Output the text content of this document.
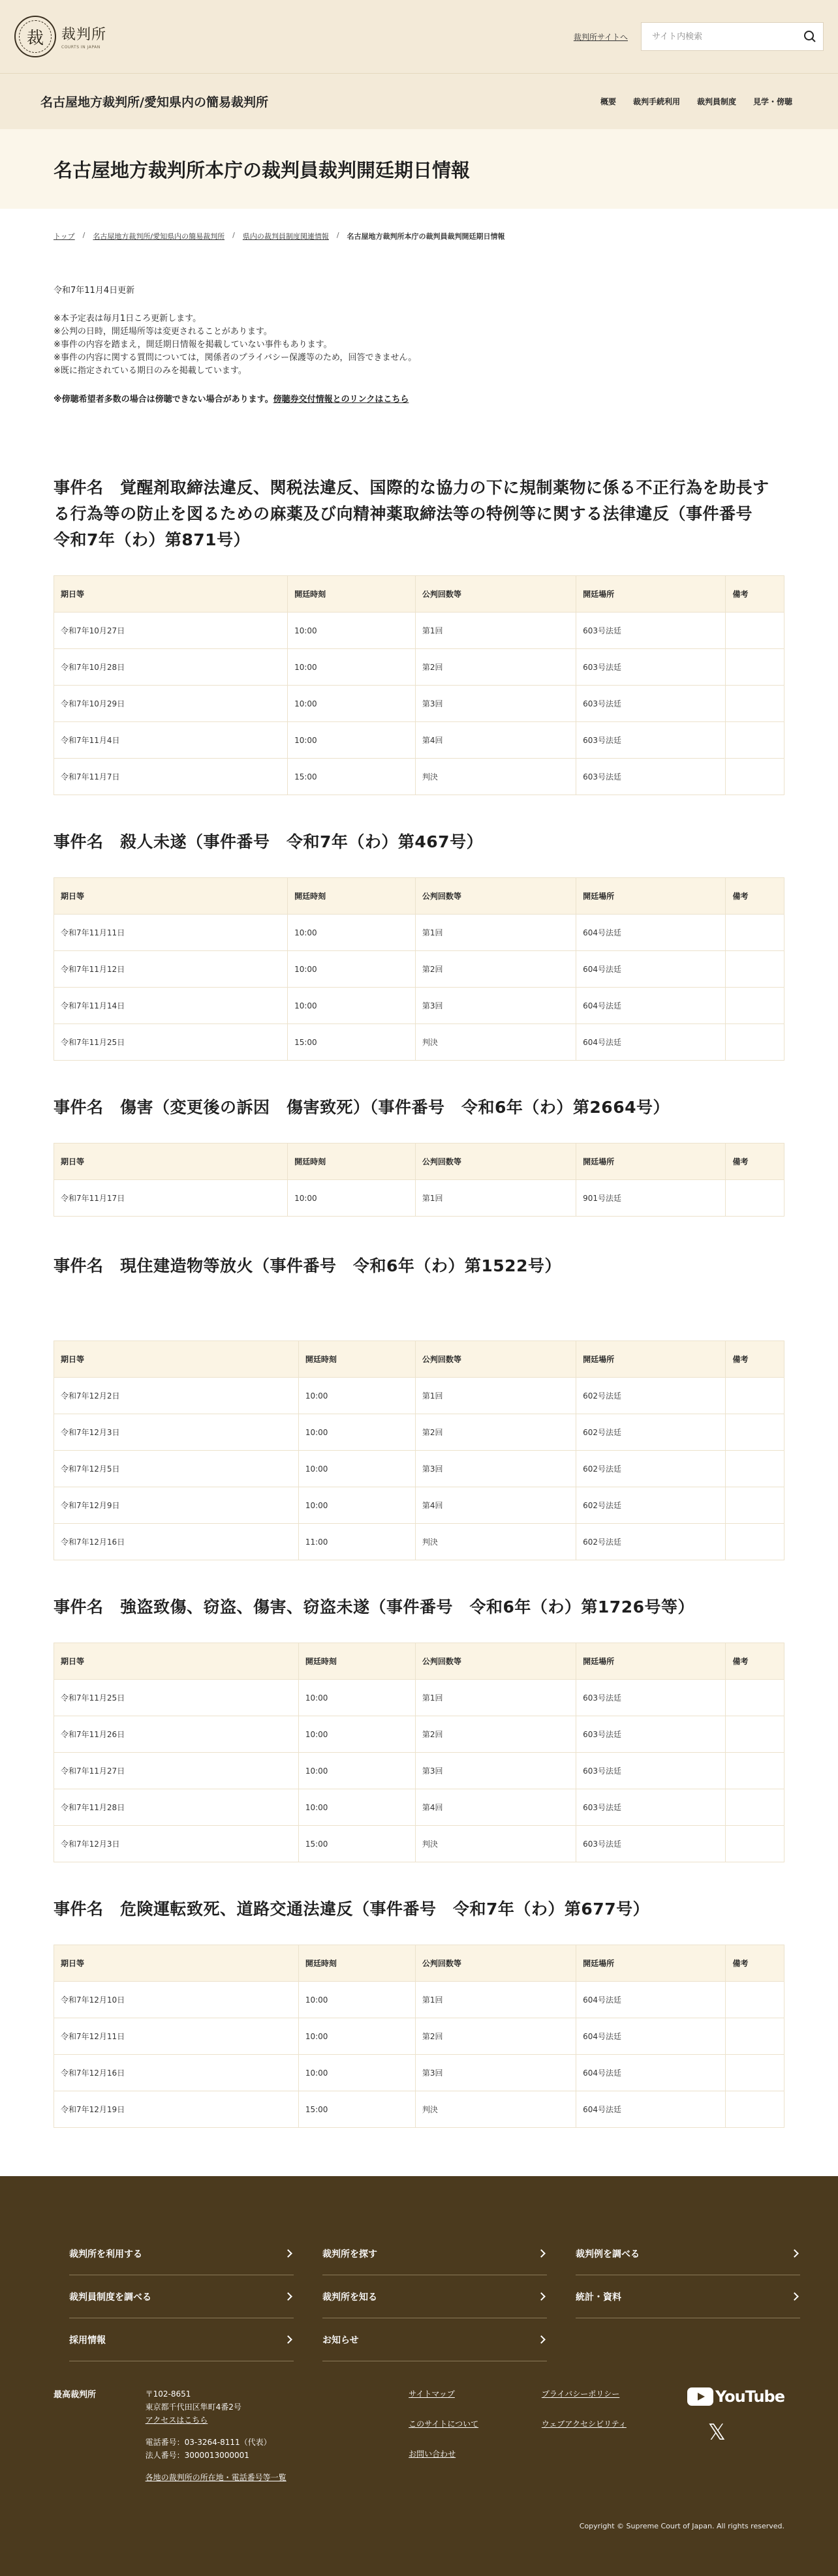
裁 裁判所
COURTS IN JAPAN
裁判所サイトへ
サイト内検索
名古屋地方裁判所/愛知県内の簡易裁判所	概要 裁判手続利用 裁判員制度 見学・傍聴
名古屋地方裁判所本庁の裁判員裁判開廷期日情報
トップ / 名古屋地方裁判所/愛知県内の簡易裁判所 / 県内の裁判員制度関連情報 / 名古屋地方裁判所本庁の裁判員裁判開廷期日情報

令和7年11月4日更新

※本予定表は毎月1日ころ更新します。
※公判の日時，開廷場所等は変更されることがあります。
※事件の内容を踏まえ，開廷期日情報を掲載していない事件もあります。
※事件の内容に関する質問については，関係者のプライバシー保護等のため，回答できません。
※既に指定されている期日のみを掲載しています。

※傍聴希望者多数の場合は傍聴できない場合があります。傍聴券交付情報とのリンクはこちら

事件名　覚醒剤取締法違反、関税法違反、国際的な協力の下に規制薬物に係る不正行為を助長する行為等の防止を図るための麻薬及び向精神薬取締法等の特例等に関する法律違反（事件番号　令和7年（わ）第871号）
期日等	開廷時刻	公判回数等	開廷場所	備考
令和7年10月27日	10:00	第1回	603号法廷	
令和7年10月28日	10:00	第2回	603号法廷	
令和7年10月29日	10:00	第3回	603号法廷	
令和7年11月4日	10:00	第4回	603号法廷	
令和7年11月7日	15:00	判決	603号法廷	
事件名　殺人未遂（事件番号　令和7年（わ）第467号）
期日等	開廷時刻	公判回数等	開廷場所	備考
令和7年11月11日	10:00	第1回	604号法廷	
令和7年11月12日	10:00	第2回	604号法廷	
令和7年11月14日	10:00	第3回	604号法廷	
令和7年11月25日	15:00	判決	604号法廷	
事件名　傷害（変更後の訴因　傷害致死）（事件番号　令和6年（わ）第2664号）
期日等	開廷時刻	公判回数等	開廷場所	備考
令和7年11月17日	10:00	第1回	901号法廷	
事件名　現住建造物等放火（事件番号　令和6年（わ）第1522号）
期日等	開廷時刻	公判回数等	開廷場所	備考
令和7年12月2日	10:00	第1回	602号法廷	
令和7年12月3日	10:00	第2回	602号法廷	
令和7年12月5日	10:00	第3回	602号法廷	
令和7年12月9日	10:00	第4回	602号法廷	
令和7年12月16日	11:00	判決	602号法廷	
事件名　強盗致傷、窃盗、傷害、窃盗未遂（事件番号　令和6年（わ）第1726号等）
期日等	開廷時刻	公判回数等	開廷場所	備考
令和7年11月25日	10:00	第1回	603号法廷	
令和7年11月26日	10:00	第2回	603号法廷	
令和7年11月27日	10:00	第3回	603号法廷	
令和7年11月28日	10:00	第4回	603号法廷	
令和7年12月3日	15:00	判決	603号法廷	
事件名　危険運転致死、道路交通法違反（事件番号　令和7年（わ）第677号）
期日等	開廷時刻	公判回数等	開廷場所	備考
令和7年12月10日	10:00	第1回	604号法廷	
令和7年12月11日	10:00	第2回	604号法廷	
令和7年12月16日	10:00	第3回	604号法廷	
令和7年12月19日	15:00	判決	604号法廷	
裁判所を利用する	裁判所を探す	裁判例を調べる
裁判員制度を調べる	裁判所を知る	統計・資料
採用情報	お知らせ
最高裁判所	〒102-8651
東京都千代田区隼町4番2号
アクセスはこちら
電話番号：03-3264-8111（代表）
法人番号：3000013000001
各地の裁判所の所在地・電話番号等一覧
サイトマップ
このサイトについて
お問い合わせ
プライバシーポリシー
ウェブアクセシビリティ
YouTube
𝕏

Copyright © Supreme Court of Japan. All rights reserved.
